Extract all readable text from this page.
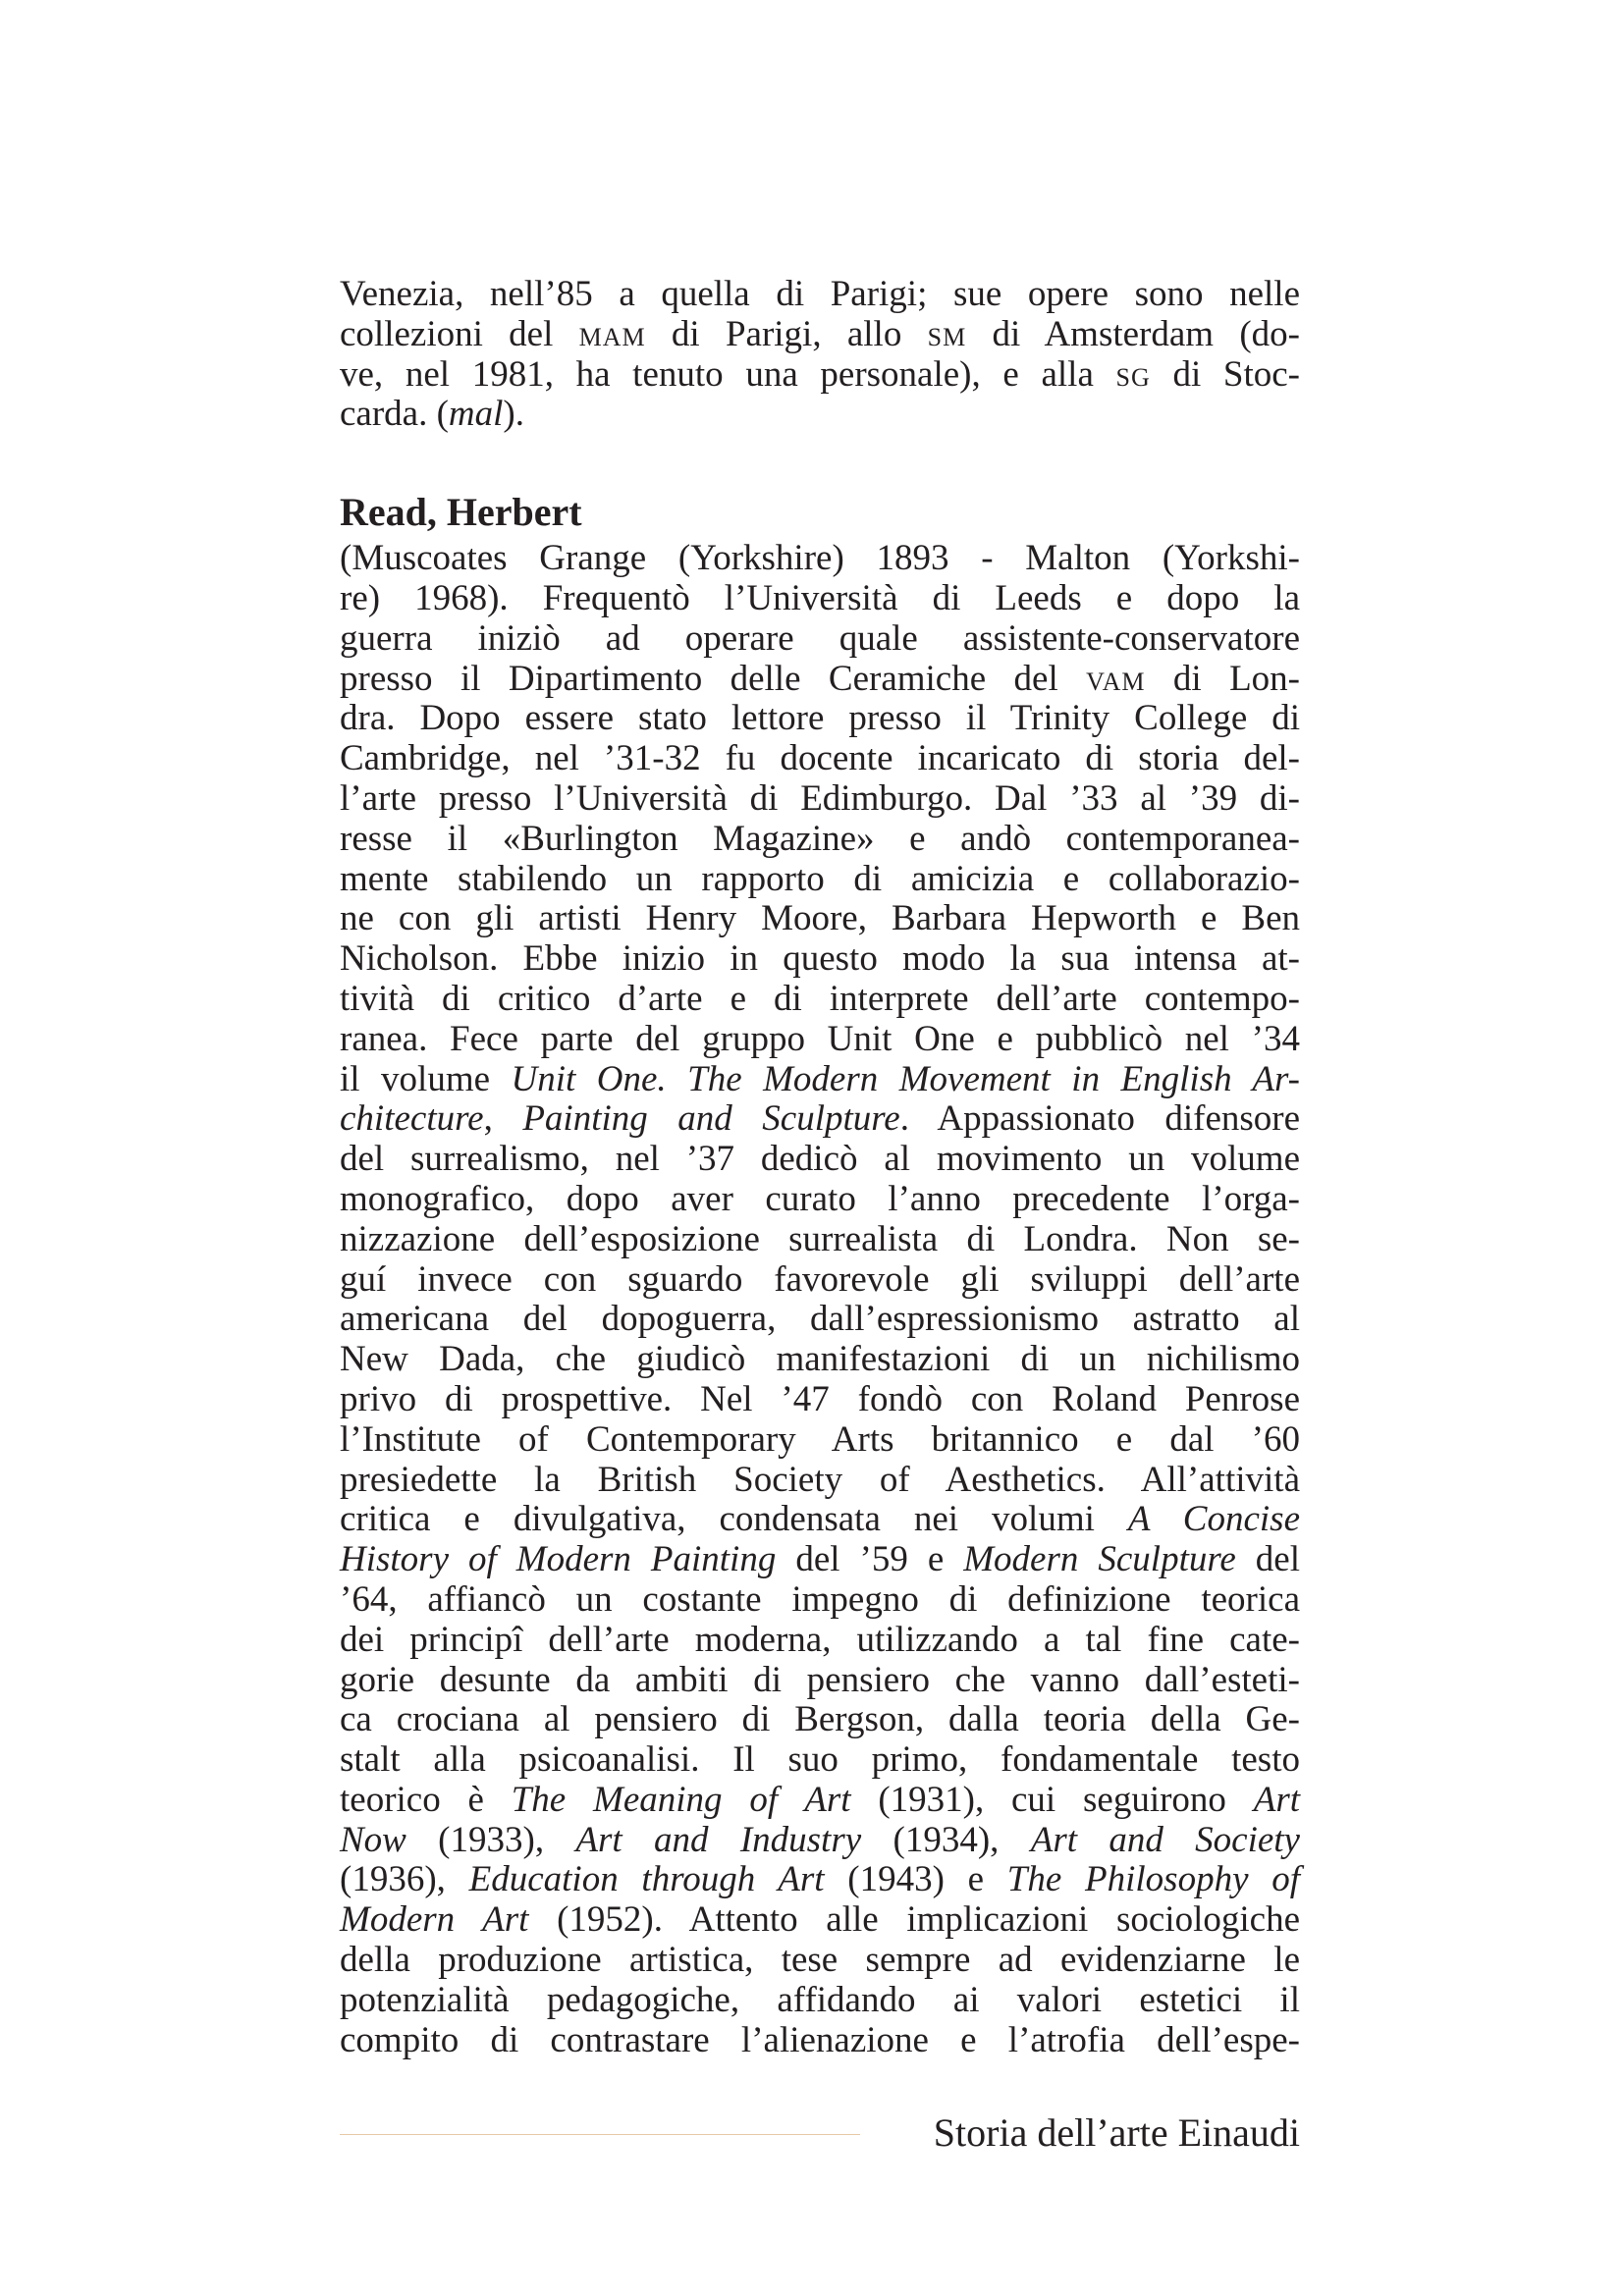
Venezia, nell’85 a quella di Parigi; sue opere sono nelle
collezioni del mam di Parigi, allo sm di Amsterdam (do-
ve, nel 1981, ha tenuto una personale), e alla sg di Stoc-
carda. (mal).
Read, Herbert
(Muscoates Grange (Yorkshire) 1893 - Malton (Yorkshi-
re) 1968). Frequentò l’Università di Leeds e dopo la
guerra iniziò ad operare quale assistente-conservatore
presso il Dipartimento delle Ceramiche del vam di Lon-
dra. Dopo essere stato lettore presso il Trinity College di
Cambridge, nel ’31-32 fu docente incaricato di storia del-
l’arte presso l’Università di Edimburgo. Dal ’33 al ’39 di-
resse il «Burlington Magazine» e andò contemporanea-
mente stabilendo un rapporto di amicizia e collaborazio-
ne con gli artisti Henry Moore, Barbara Hepworth e Ben
Nicholson. Ebbe inizio in questo modo la sua intensa at-
tività di critico d’arte e di interprete dell’arte contempo-
ranea. Fece parte del gruppo Unit One e pubblicò nel ’34
il volume Unit One. The Modern Movement in English Ar-
chitecture, Painting and Sculpture. Appassionato difensore
del surrealismo, nel ’37 dedicò al movimento un volume
monografico, dopo aver curato l’anno precedente l’orga-
nizzazione dell’esposizione surrealista di Londra. Non se-
guí invece con sguardo favorevole gli sviluppi dell’arte
americana del dopoguerra, dall’espressionismo astratto al
New Dada, che giudicò manifestazioni di un nichilismo
privo di prospettive. Nel ’47 fondò con Roland Penrose
l’Institute of Contemporary Arts britannico e dal ’60
presiedette la British Society of Aesthetics. All’attività
critica e divulgativa, condensata nei volumi A Concise
History of Modern Painting del ’59 e Modern Sculpture del
’64, affiancò un costante impegno di definizione teorica
dei principî dell’arte moderna, utilizzando a tal fine cate-
gorie desunte da ambiti di pensiero che vanno dall’esteti-
ca crociana al pensiero di Bergson, dalla teoria della Ge-
stalt alla psicoanalisi. Il suo primo, fondamentale testo
teorico è The Meaning of Art (1931), cui seguirono Art
Now (1933), Art and Industry (1934), Art and Society
(1936), Education through Art (1943) e The Philosophy of
Modern Art (1952). Attento alle implicazioni sociologiche
della produzione artistica, tese sempre ad evidenziarne le
potenzialità pedagogiche, affidando ai valori estetici il
compito di contrastare l’alienazione e l’atrofia dell’espe-
Storia dell’arte Einaudi
